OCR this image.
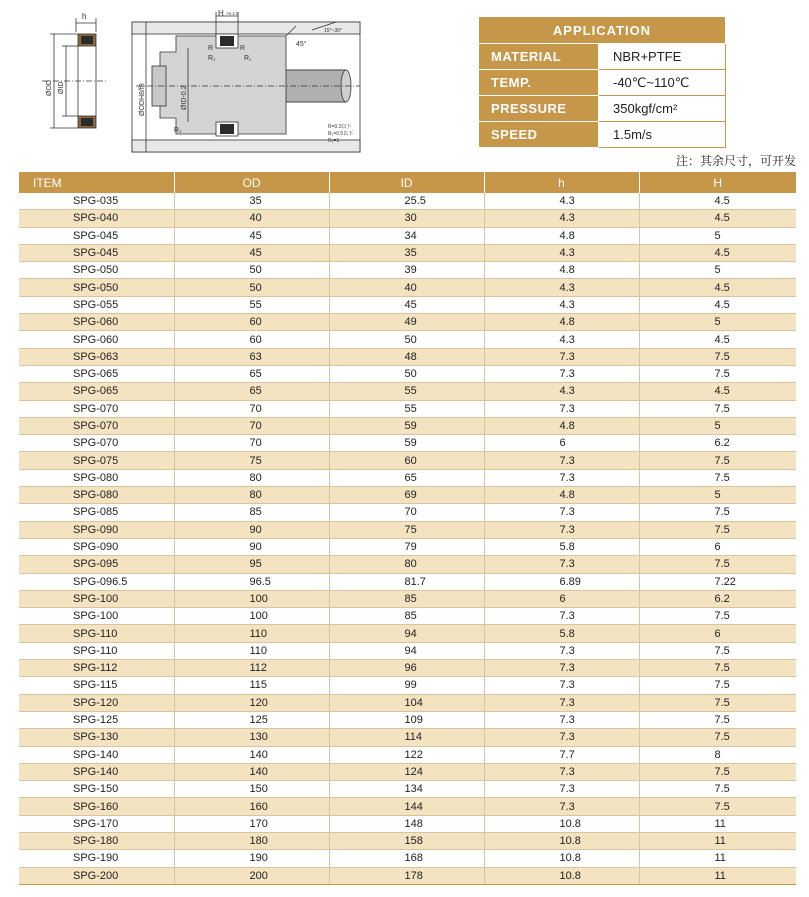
h
ØOD ØID
H +0.2 0
ØODH8/f8	ØID-0.2
R₁
R	R
R₁
R₂
45°
15°~30°
R=0.3以下
R₁=0.5以下
R₂=1
APPLICATION	
MATERIAL	NBR+PTFE
TEMP.	-40℃~110℃
PRESSURE	350kgf/cm²
SPEED	1.5m/s
注：其余尺寸，可开发
ITEM	OD	ID	h	H
SPG-035	35	25.5	4.3	4.5
SPG-040	40	30	4.3	4.5
SPG-045	45	34	4.8	5
SPG-045	45	35	4.3	4.5
SPG-050	50	39	4.8	5
SPG-050	50	40	4.3	4.5
SPG-055	55	45	4.3	4.5
SPG-060	60	49	4.8	5
SPG-060	60	50	4.3	4.5
SPG-063	63	48	7.3	7.5
SPG-065	65	50	7.3	7.5
SPG-065	65	55	4.3	4.5
SPG-070	70	55	7.3	7.5
SPG-070	70	59	4.8	5
SPG-070	70	59	6	6.2
SPG-075	75	60	7.3	7.5
SPG-080	80	65	7.3	7.5
SPG-080	80	69	4.8	5
SPG-085	85	70	7.3	7.5
SPG-090	90	75	7.3	7.5
SPG-090	90	79	5.8	6
SPG-095	95	80	7.3	7.5
SPG-096.5	96.5	81.7	6.89	7.22
SPG-100	100	85	6	6.2
SPG-100	100	85	7.3	7.5
SPG-110	110	94	5.8	6
SPG-110	110	94	7.3	7.5
SPG-112	112	96	7.3	7.5
SPG-115	115	99	7.3	7.5
SPG-120	120	104	7.3	7.5
SPG-125	125	109	7.3	7.5
SPG-130	130	114	7.3	7.5
SPG-140	140	122	7.7	8
SPG-140	140	124	7.3	7.5
SPG-150	150	134	7.3	7.5
SPG-160	160	144	7.3	7.5
SPG-170	170	148	10.8	11
SPG-180	180	158	10.8	11
SPG-190	190	168	10.8	11
SPG-200	200	178	10.8	11
